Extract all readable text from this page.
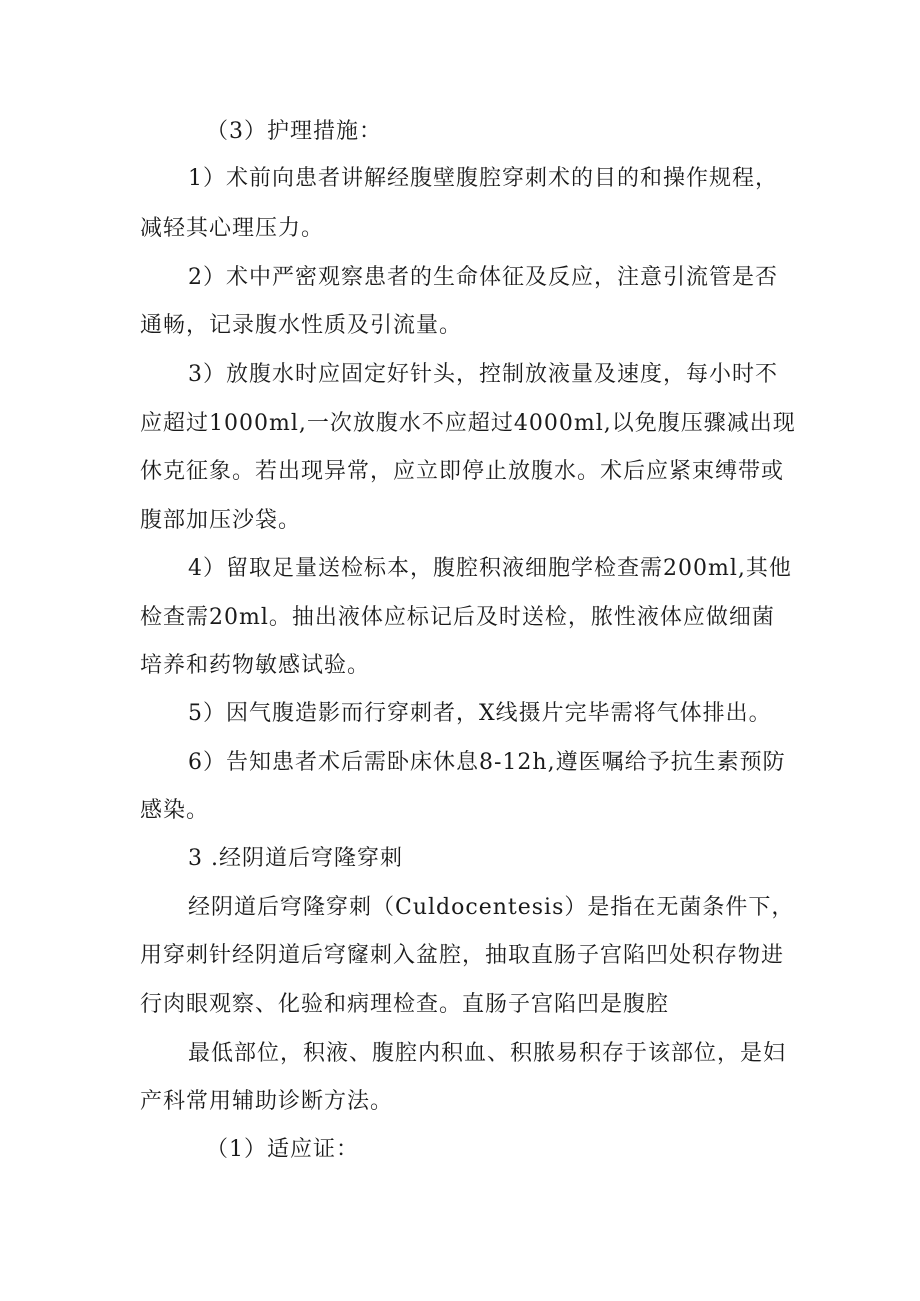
（3）护理措施：
1）术前向患者讲解经腹壁腹腔穿刺术的目的和操作规程，
减轻其心理压力。
2）术中严密观察患者的生命体征及反应，注意引流管是否
通畅，记录腹水性质及引流量。
3）放腹水时应固定好针头，控制放液量及速度，每小时不
应超过1000ml,一次放腹水不应超过4000ml,以免腹压骤减出现
休克征象。若出现异常，应立即停止放腹水。术后应紧束缚带或
腹部加压沙袋。
4）留取足量送检标本，腹腔积液细胞学检查需200ml,其他
检查需20ml。抽出液体应标记后及时送检，脓性液体应做细菌
培养和药物敏感试验。
5）因气腹造影而行穿刺者，X线摄片完毕需将气体排出。
6）告知患者术后需卧床休息8-12h,遵医嘱给予抗生素预防
感染。
3 .经阴道后穹隆穿刺
经阴道后穹隆穿刺（Culdocentesis）是指在无菌条件下，
用穿刺针经阴道后穹窿刺入盆腔，抽取直肠子宫陷凹处积存物进
行肉眼观察、化验和病理检查。直肠子宫陷凹是腹腔
最低部位，积液、腹腔内积血、积脓易积存于该部位，是妇
产科常用辅助诊断方法。
（1）适应证：
